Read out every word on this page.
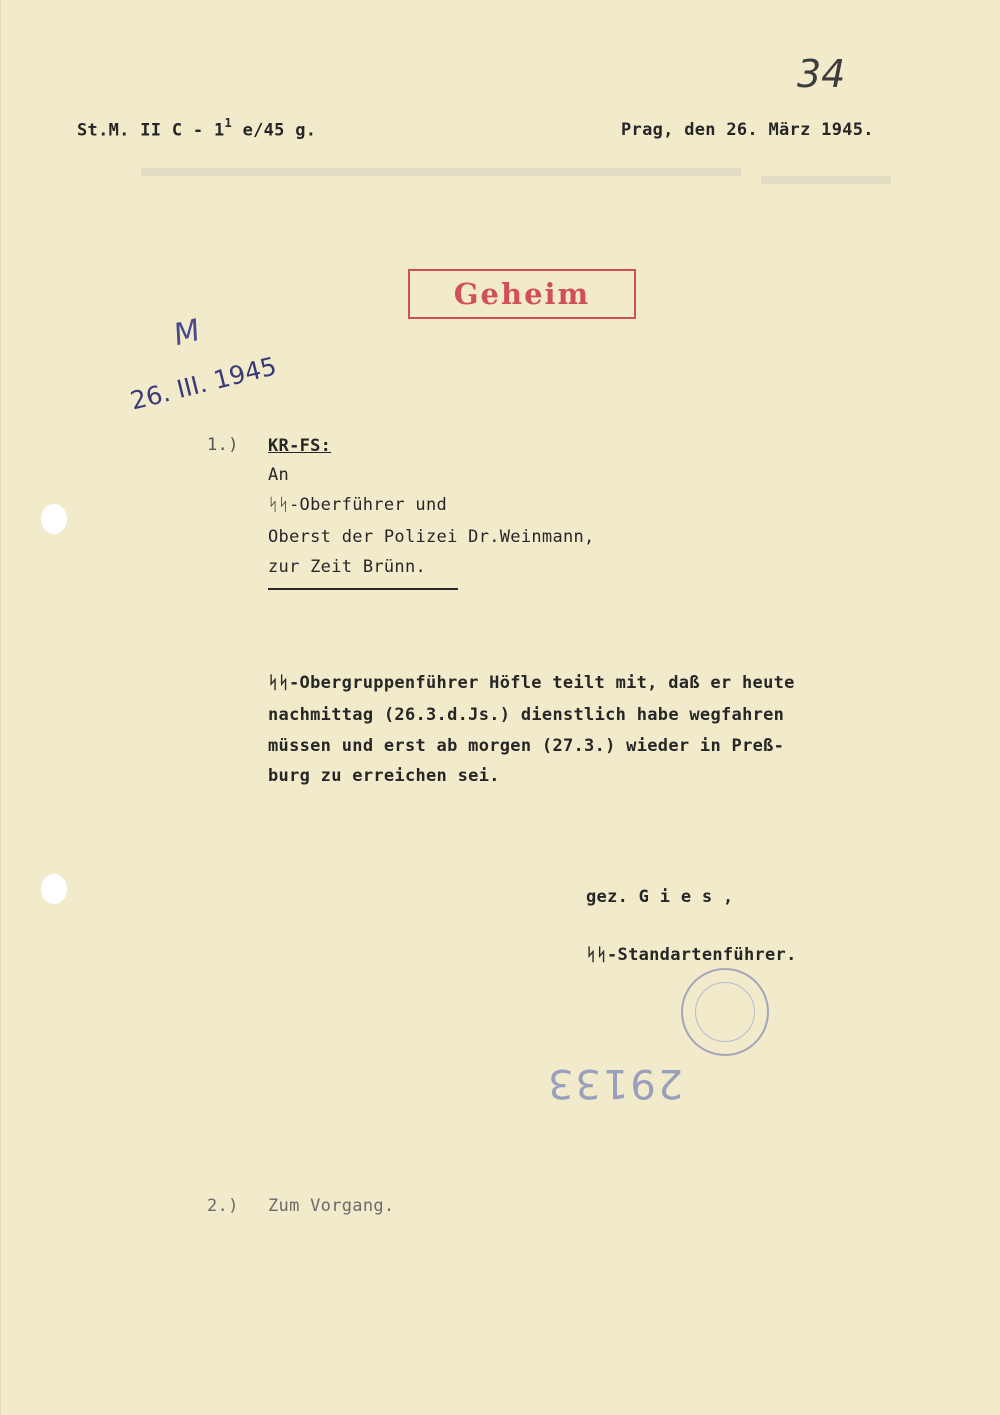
34
St.M. II C - $1^1$ e/45 g.	Prag, den 26. März 1945.
Geheim
M
26. III. 1945
1.) KR-FS:
An
ᛋᛋ-Oberführer und
Oberst der Polizei Dr.Weinmann,
zur Zeit Brünn.
ᛋᛋ-Obergruppenführer Höfle teilt mit, daß er heute
nachmittag (26.3.d.Js.) dienstlich habe wegfahren
müssen und erst ab morgen (27.3.) wieder in Preß-
burg zu erreichen sei.
gez. G i e s ,
ᛋᛋ-Standartenführer.
29133
2.) Zum Vorgang.
